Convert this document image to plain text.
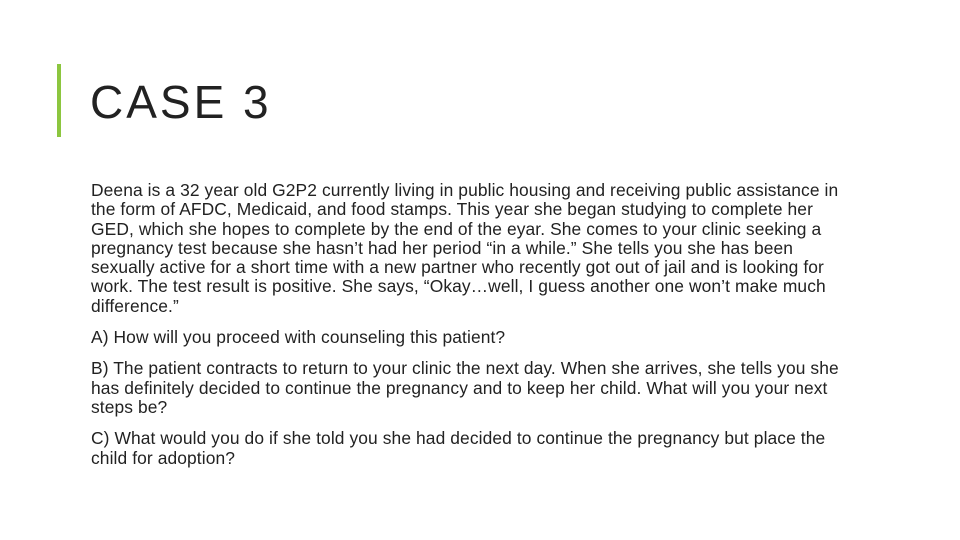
CASE 3

Deena is a 32 year old G2P2 currently living in public housing and receiving public assistance in the form of AFDC, Medicaid, and food stamps. This year she began studying to complete her GED, which she hopes to complete by the end of the eyar. She comes to your clinic seeking a pregnancy test because she hasn’t had her period “in a while.” She tells you she has been sexually active for a short time with a new partner who recently got out of jail and is looking for work. The test result is positive. She says, “Okay…well, I guess another one won’t make much difference.”

A) How will you proceed with counseling this patient?

B) The patient contracts to return to your clinic the next day. When she arrives, she tells you she has definitely decided to continue the pregnancy and to keep her child. What will you your next steps be?

C) What would you do if she told you she had decided to continue the pregnancy but place the child for adoption?
